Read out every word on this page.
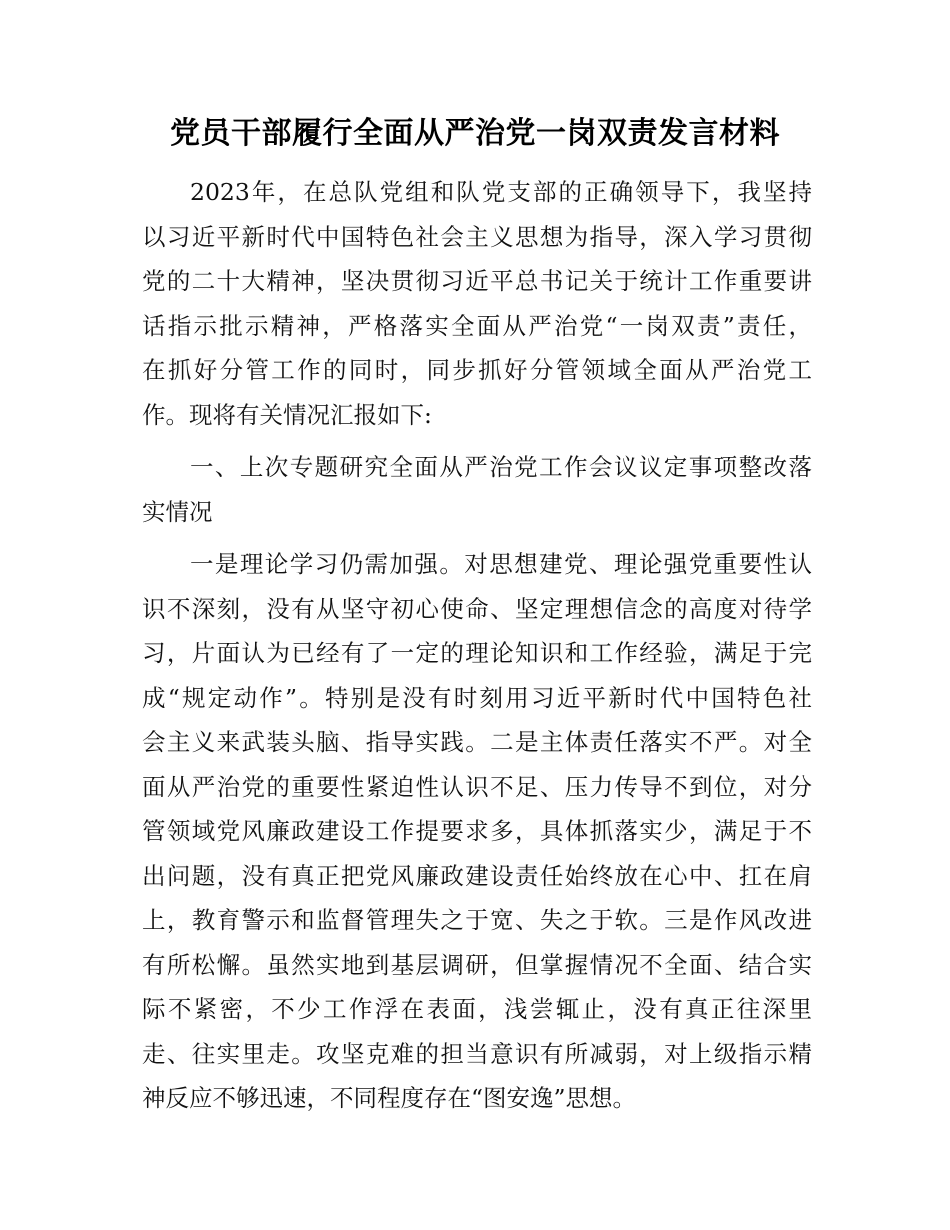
党员干部履行全面从严治党一岗双责发言材料
2023年，在总队党组和队党支部的正确领导下，我坚持
以习近平新时代中国特色社会主义思想为指导，深入学习贯彻
党的二十大精神，坚决贯彻习近平总书记关于统计工作重要讲
话指示批示精神，严格落实全面从严治党“一岗双责”责任，
在抓好分管工作的同时，同步抓好分管领域全面从严治党工
作。现将有关情况汇报如下:
一、上次专题研究全面从严治党工作会议议定事项整改落
实情况
一是理论学习仍需加强。对思想建党、理论强党重要性认
识不深刻，没有从坚守初心使命、坚定理想信念的高度对待学
习，片面认为已经有了一定的理论知识和工作经验，满足于完
成“规定动作”。特别是没有时刻用习近平新时代中国特色社
会主义来武装头脑、指导实践。二是主体责任落实不严。对全
面从严治党的重要性紧迫性认识不足、压力传导不到位，对分
管领域党风廉政建设工作提要求多，具体抓落实少，满足于不
出问题，没有真正把党风廉政建设责任始终放在心中、扛在肩
上，教育警示和监督管理失之于宽、失之于软。三是作风改进
有所松懈。虽然实地到基层调研，但掌握情况不全面、结合实
际不紧密，不少工作浮在表面，浅尝辄止，没有真正往深里
走、往实里走。攻坚克难的担当意识有所减弱，对上级指示精
神反应不够迅速，不同程度存在“图安逸”思想。
